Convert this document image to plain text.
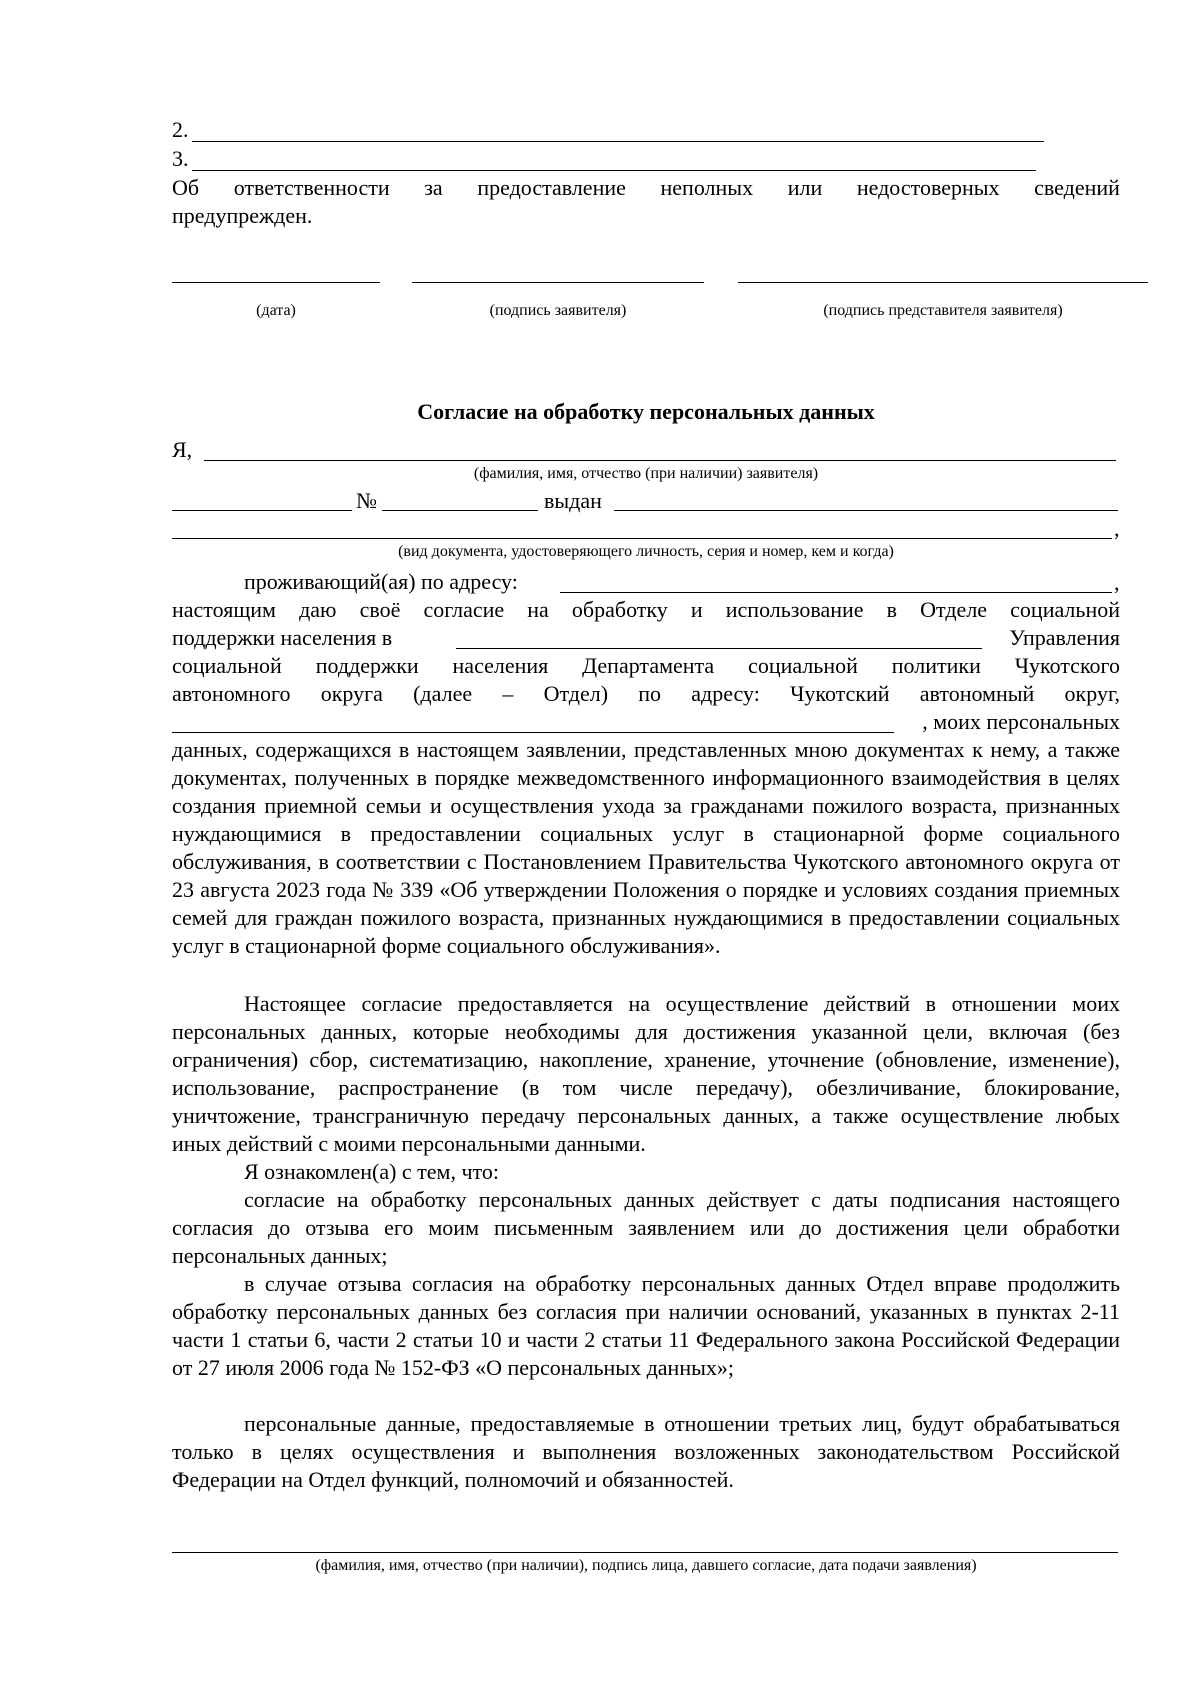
2.
3.
Об ответственности за предоставление неполных или недостоверных сведений
предупрежден.
(дата)	(подпись заявителя)	(подпись представителя заявителя)
Согласие на обработку персональных данных
Я,
(фамилия, имя, отчество (при наличии) заявителя)
№	выдан
,
(вид документа, удостоверяющего личность, серия и номер, кем и когда)
проживающий(ая) по адресу:	,
настоящим даю своё согласие на обработку и использование в Отделе социальной
поддержки населения в	Управления
социальной поддержки населения Департамента социальной политики Чукотского
автономного округа (далее – Отдел) по адресу: Чукотский автономный округ,
, моих персональных
данных, содержащихся в настоящем заявлении, представленных мною документах к нему, а также документах, полученных в порядке межведомственного информационного взаимодействия в целях создания приемной семьи и осуществления ухода за гражданами пожилого возраста, признанных нуждающимися в предоставлении социальных услуг в стационарной форме социального обслуживания, в соответствии с Постановлением Правительства Чукотского автономного округа от 23 августа 2023 года № 339 «Об утверждении Положения о порядке и условиях создания приемных семей для граждан пожилого возраста, признанных нуждающимися в предоставлении социальных услуг в стационарной форме социального обслуживания».
Настоящее согласие предоставляется на осуществление действий в отношении моих персональных данных, которые необходимы для достижения указанной цели, включая (без ограничения) сбор, систематизацию, накопление, хранение, уточнение (обновление, изменение), использование, распространение (в том числе передачу), обезличивание, блокирование, уничтожение, трансграничную передачу персональных данных, а также осуществление любых иных действий с моими персональными данными.
Я ознакомлен(а) с тем, что:
согласие на обработку персональных данных действует с даты подписания настоящего согласия до отзыва его моим письменным заявлением или до достижения цели обработки персональных данных;
в случае отзыва согласия на обработку персональных данных Отдел вправе продолжить обработку персональных данных без согласия при наличии оснований, указанных в пунктах 2-11 части 1 статьи 6, части 2 статьи 10 и части 2 статьи 11 Федерального закона Российской Федерации от 27 июля 2006 года № 152-ФЗ «О персональных данных»;
персональные данные, предоставляемые в отношении третьих лиц, будут обрабатываться только в целях осуществления и выполнения возложенных законодательством Российской Федерации на Отдел функций, полномочий и обязанностей.
(фамилия, имя, отчество (при наличии), подпись лица, давшего согласие, дата подачи заявления)
